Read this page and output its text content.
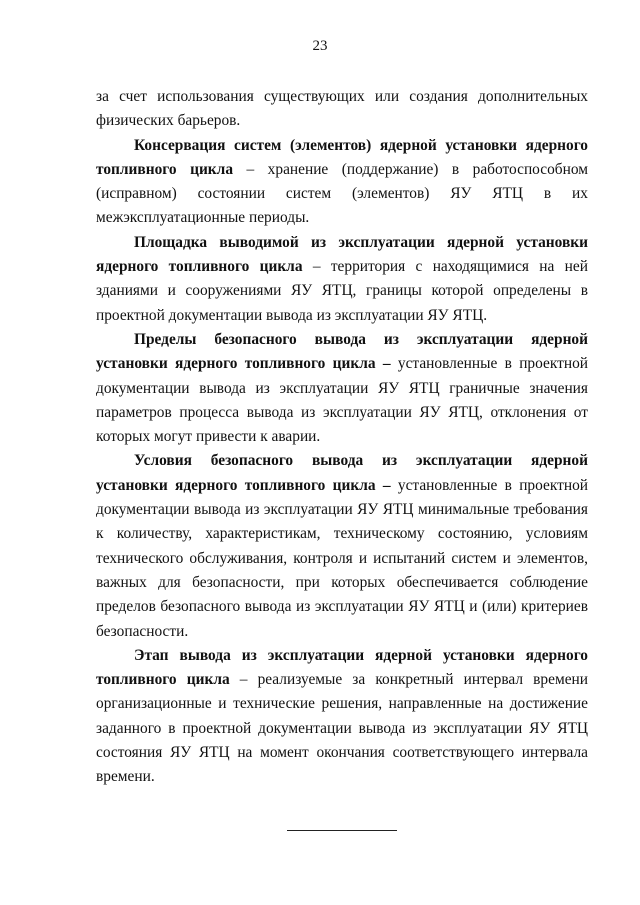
23

за счет использования существующих или создания дополнительных физических барьеров.

Консервация систем (элементов) ядерной установки ядерного топливного цикла – хранение (поддержание) в работоспособном (исправном) состоянии систем (элементов) ЯУ ЯТЦ в их межэксплуатационные периоды.

Площадка выводимой из эксплуатации ядерной установки ядерного топливного цикла – территория с находящимися на ней зданиями и сооружениями ЯУ ЯТЦ, границы которой определены в проектной документации вывода из эксплуатации ЯУ ЯТЦ.

Пределы безопасного вывода из эксплуатации ядерной установки ядерного топливного цикла – установленные в проектной документации вывода из эксплуатации ЯУ ЯТЦ граничные значения параметров процесса вывода из эксплуатации ЯУ ЯТЦ, отклонения от которых могут привести к аварии.

Условия безопасного вывода из эксплуатации ядерной установки ядерного топливного цикла – установленные в проектной документации вывода из эксплуатации ЯУ ЯТЦ минимальные требования к количеству, характеристикам, техническому состоянию, условиям технического обслуживания, контроля и испытаний систем и элементов, важных для безопасности, при которых обеспечивается соблюдение пределов безопасного вывода из эксплуатации ЯУ ЯТЦ и (или) критериев безопасности.

Этап вывода из эксплуатации ядерной установки ядерного топливного цикла – реализуемые за конкретный интервал времени организационные и технические решения, направленные на достижение заданного в проектной документации вывода из эксплуатации ЯУ ЯТЦ состояния ЯУ ЯТЦ на момент окончания соответствующего интервала времени.
